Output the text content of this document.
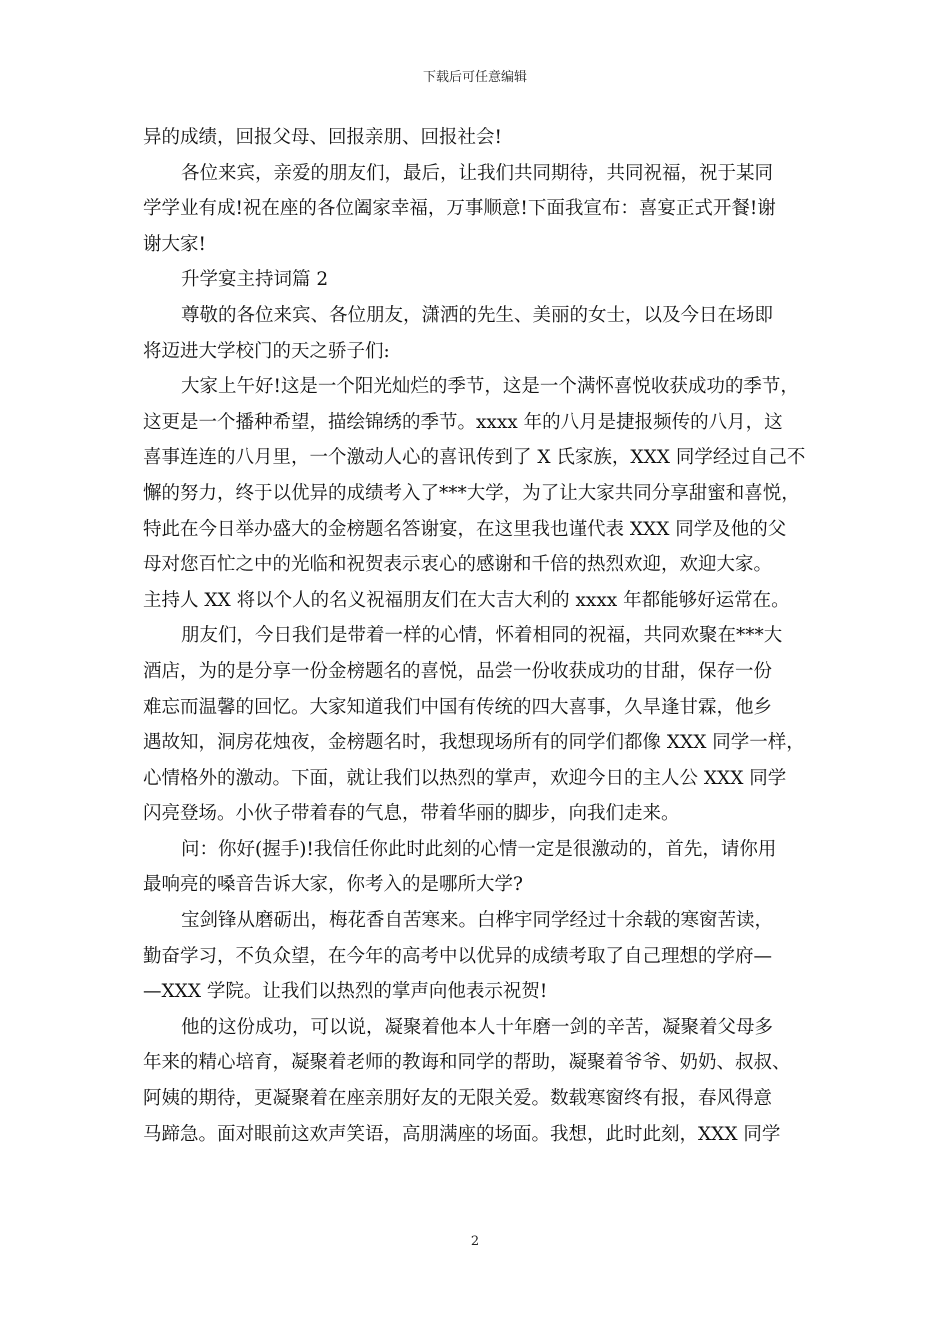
下载后可任意编辑
异的成绩，回报父母、回报亲朋、回报社会!
各位来宾，亲爱的朋友们，最后，让我们共同期待，共同祝福，祝于某同
学学业有成!祝在座的各位阖家幸福，万事顺意!下面我宣布：喜宴正式开餐!谢
谢大家!
升学宴主持词篇 2
尊敬的各位来宾、各位朋友，潇洒的先生、美丽的女士，以及今日在场即
将迈进大学校门的天之骄子们:
大家上午好!这是一个阳光灿烂的季节，这是一个满怀喜悦收获成功的季节，
这更是一个播种希望，描绘锦绣的季节。xxxx 年的八月是捷报频传的八月，这
喜事连连的八月里，一个激动人心的喜讯传到了 X 氏家族，XXX 同学经过自己不
懈的努力，终于以优异的成绩考入了***大学，为了让大家共同分享甜蜜和喜悦，
特此在今日举办盛大的金榜题名答谢宴，在这里我也谨代表 XXX 同学及他的父
母对您百忙之中的光临和祝贺表示衷心的感谢和千倍的热烈欢迎，欢迎大家。
主持人 XX 将以个人的名义祝福朋友们在大吉大利的 xxxx 年都能够好运常在。
朋友们，今日我们是带着一样的心情，怀着相同的祝福，共同欢聚在***大
酒店，为的是分享一份金榜题名的喜悦，品尝一份收获成功的甘甜，保存一份
难忘而温馨的回忆。大家知道我们中国有传统的四大喜事，久旱逢甘霖，他乡
遇故知，洞房花烛夜，金榜题名时，我想现场所有的同学们都像 XXX 同学一样，
心情格外的激动。下面，就让我们以热烈的掌声，欢迎今日的主人公 XXX 同学
闪亮登场。小伙子带着春的气息，带着华丽的脚步，向我们走来。
问：你好(握手)!我信任你此时此刻的心情一定是很激动的，首先，请你用
最响亮的嗓音告诉大家，你考入的是哪所大学?
宝剑锋从磨砺出，梅花香自苦寒来。白桦宇同学经过十余载的寒窗苦读，
勤奋学习，不负众望，在今年的高考中以优异的成绩考取了自己理想的学府—
—XXX 学院。让我们以热烈的掌声向他表示祝贺!
他的这份成功，可以说，凝聚着他本人十年磨一剑的辛苦，凝聚着父母多
年来的精心培育，凝聚着老师的教诲和同学的帮助，凝聚着爷爷、奶奶、叔叔、
阿姨的期待，更凝聚着在座亲朋好友的无限关爱。数载寒窗终有报，春风得意
马蹄急。面对眼前这欢声笑语，高朋满座的场面。我想，此时此刻，XXX 同学
2
